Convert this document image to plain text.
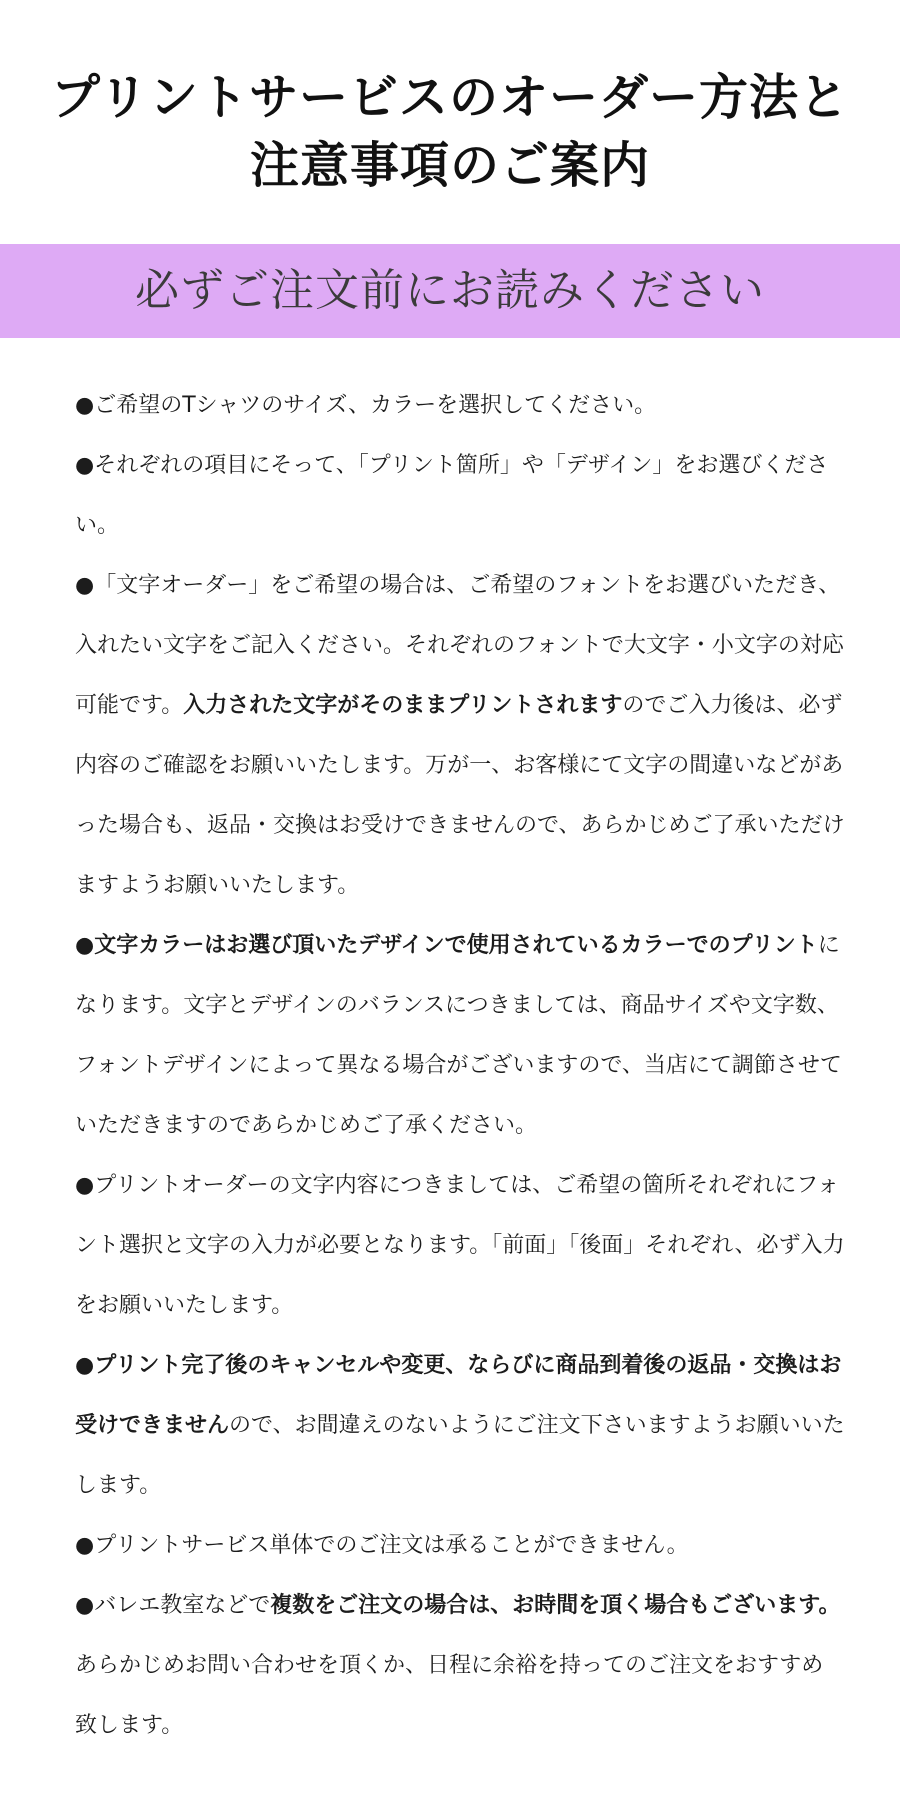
プリントサービスのオーダー方法と
注意事項のご案内
必ずご注文前にお読みください
●ご希望のTシャツのサイズ、カラーを選択してください。
●それぞれの項目にそって、「プリント箇所」や「デザイン」をお選びください。
●「文字オーダー」をご希望の場合は、ご希望のフォントをお選びいただき、入れたい文字をご記入ください。それぞれのフォントで大文字・小文字の対応可能です。入力された文字がそのままプリントされますのでご入力後は、必ず内容のご確認をお願いいたします。万が一、お客様にて文字の間違いなどがあった場合も、返品・交換はお受けできませんので、あらかじめご了承いただけますようお願いいたします。
●文字カラーはお選び頂いたデザインで使用されているカラーでのプリントになります。文字とデザインのバランスにつきましては、商品サイズや文字数、フォントデザインによって異なる場合がございますので、当店にて調節させていただきますのであらかじめご了承ください。
●プリントオーダーの文字内容につきましては、ご希望の箇所それぞれにフォント選択と文字の入力が必要となります。「前面」「後面」それぞれ、必ず入力をお願いいたします。
●プリント完了後のキャンセルや変更、ならびに商品到着後の返品・交換はお受けできませんので、お間違えのないようにご注文下さいますようお願いいたします。
●プリントサービス単体でのご注文は承ることができません。
●バレエ教室などで複数をご注文の場合は、お時間を頂く場合もございます。あらかじめお問い合わせを頂くか、日程に余裕を持ってのご注文をおすすめ致します。
